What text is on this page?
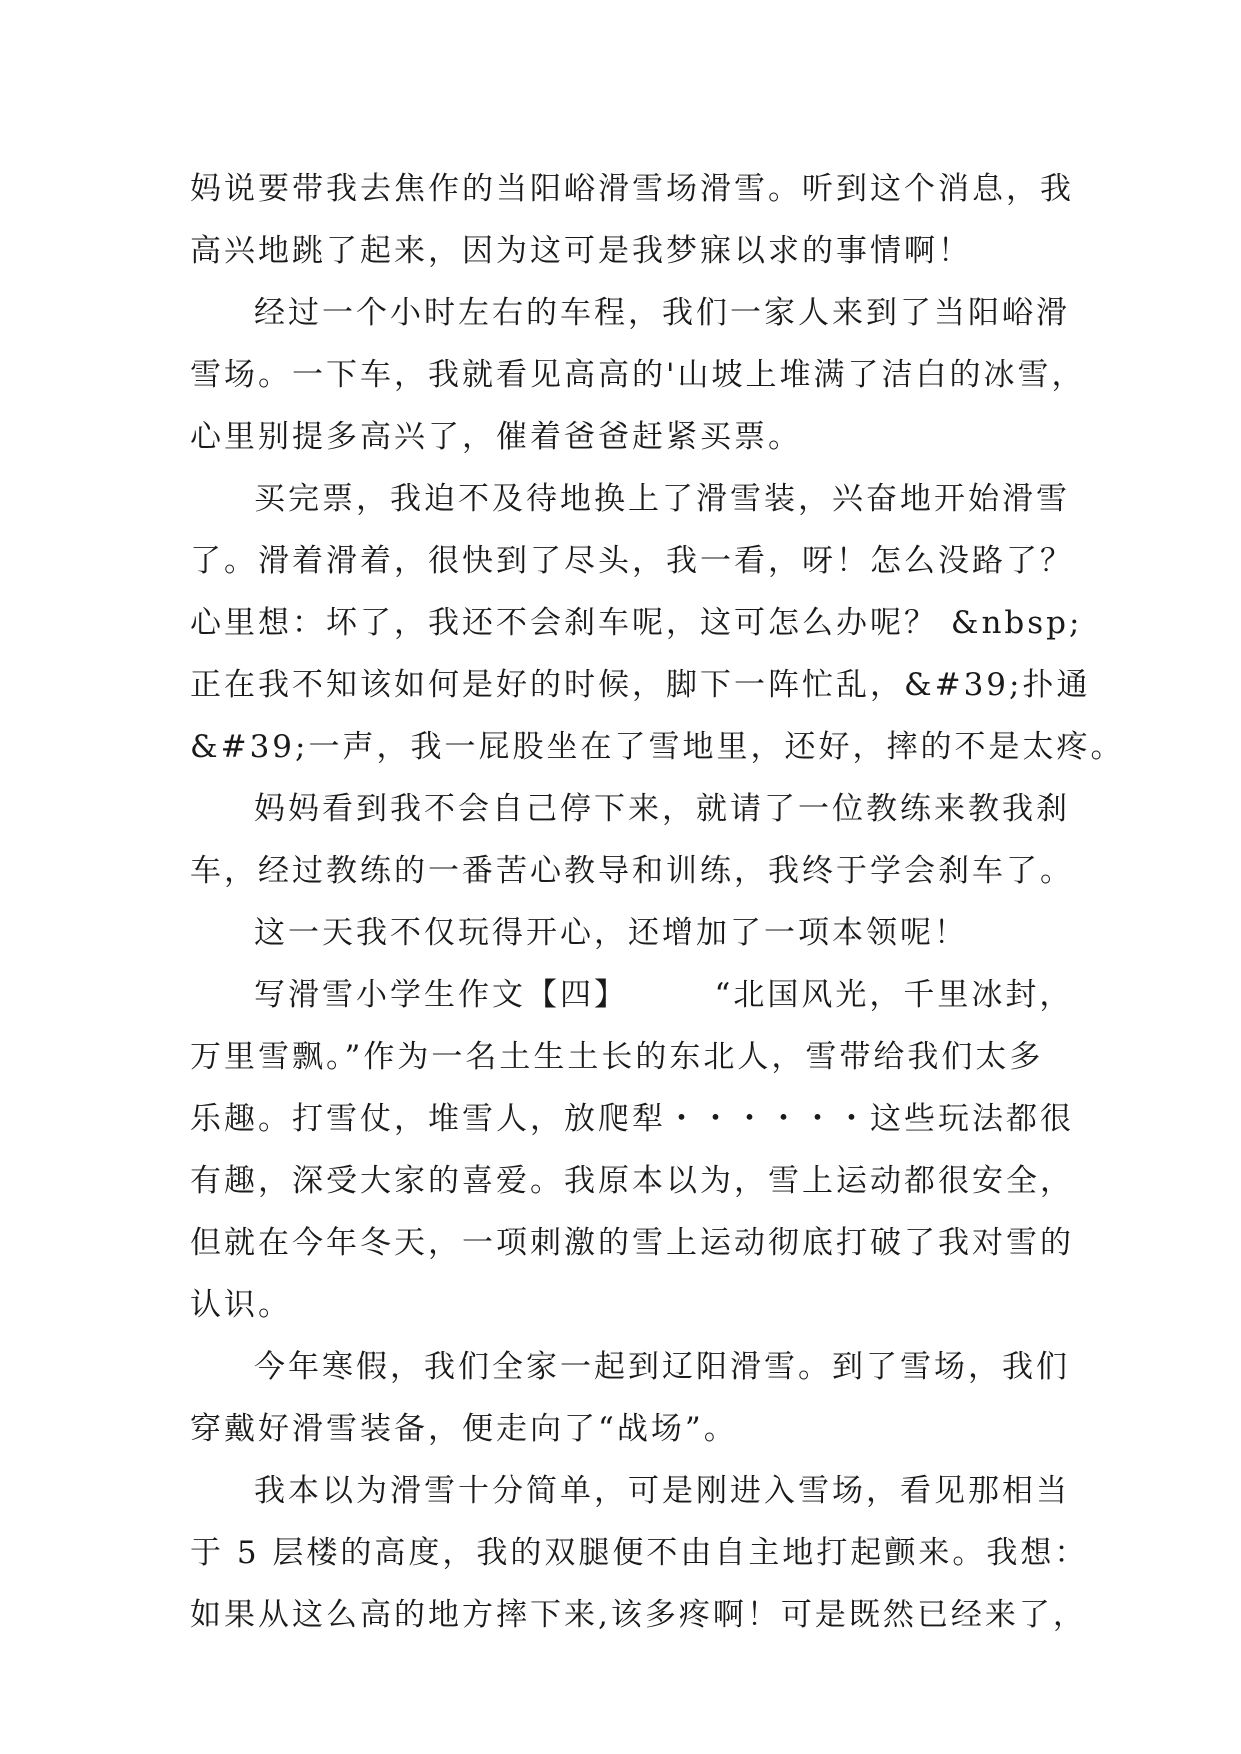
妈说要带我去焦作的当阳峪滑雪场滑雪。听到这个消息，我
高兴地跳了起来，因为这可是我梦寐以求的事情啊！
经过一个小时左右的车程，我们一家人来到了当阳峪滑
雪场。一下车，我就看见高高的'山坡上堆满了洁白的冰雪，
心里别提多高兴了，催着爸爸赶紧买票。
买完票，我迫不及待地换上了滑雪装，兴奋地开始滑雪
了。滑着滑着，很快到了尽头，我一看，呀！怎么没路了？
心里想：坏了，我还不会刹车呢，这可怎么办呢？ &nbsp;
正在我不知该如何是好的时候，脚下一阵忙乱，&#39;扑通
&#39;一声，我一屁股坐在了雪地里，还好，摔的不是太疼。
妈妈看到我不会自己停下来，就请了一位教练来教我刹
车，经过教练的一番苦心教导和训练，我终于学会刹车了。
这一天我不仅玩得开心，还增加了一项本领呢！
写滑雪小学生作文【四】　　　“北国风光，千里冰封，
万里雪飘。”作为一名土生土长的东北人，雪带给我们太多
乐趣。打雪仗，堆雪人，放爬犁・・・・・・这些玩法都很
有趣，深受大家的喜爱。我原本以为，雪上运动都很安全，
但就在今年冬天，一项刺激的雪上运动彻底打破了我对雪的
认识。
今年寒假，我们全家一起到辽阳滑雪。到了雪场，我们
穿戴好滑雪装备，便走向了“战场”。
我本以为滑雪十分简单，可是刚进入雪场，看见那相当
于 5 层楼的高度，我的双腿便不由自主地打起颤来。我想：
如果从这么高的地方摔下来,该多疼啊！可是既然已经来了，
